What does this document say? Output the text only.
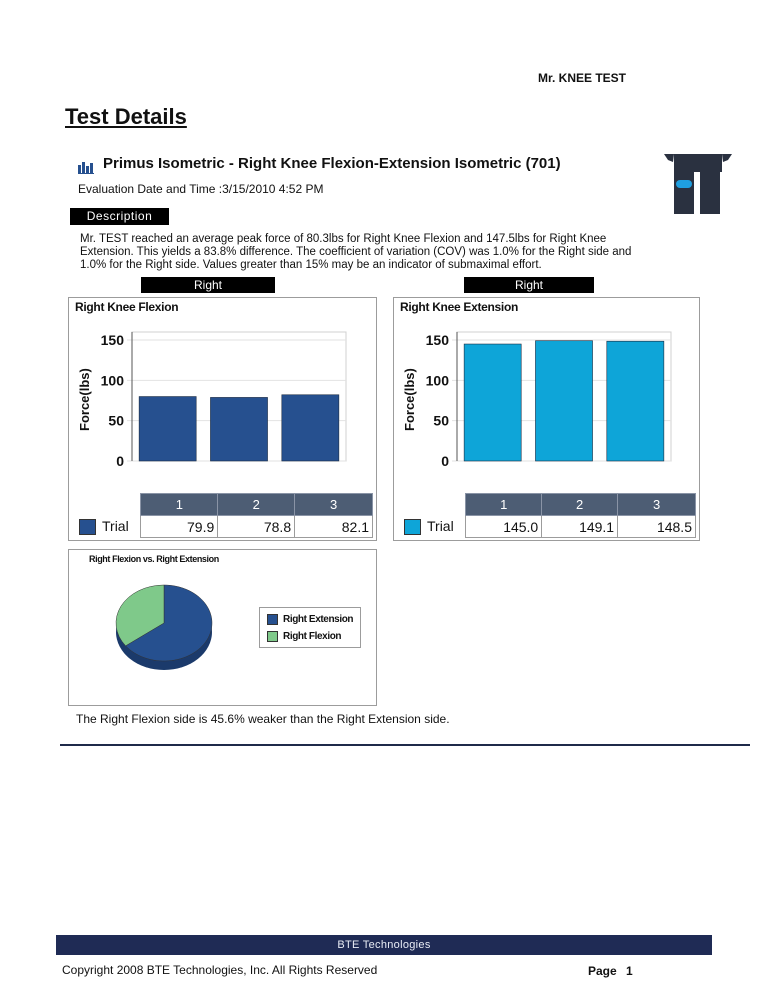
Mr. KNEE TEST
Test Details
Primus Isometric - Right Knee Flexion-Extension Isometric (701)
Evaluation Date and Time :3/15/2010 4:52 PM
Description
Mr. TEST reached an average peak force of 80.3lbs for Right Knee Flexion and 147.5lbs for Right Knee
Extension. This yields a 83.8% difference. The coefficient of variation (COV) was 1.0% for the Right side and
1.0% for the Right side. Values greater than 15% may be an indicator of submaximal effort.
Right
Right Knee Flexion
150
100
50
0
Force(lbs)
	1	2	3
Trial	79.9	78.8	82.1
Right
Right Knee Extension
150
100
50
0
Force(lbs)
	1	2	3
Trial	145.0	149.1	148.5
Right Flexion vs. Right Extension
Right Extension
Right Flexion
The Right Flexion side is 45.6% weaker than the Right Extension side.
BTE Technologies
Copyright 2008 BTE Technologies, Inc. All Rights Reserved	Page 1
